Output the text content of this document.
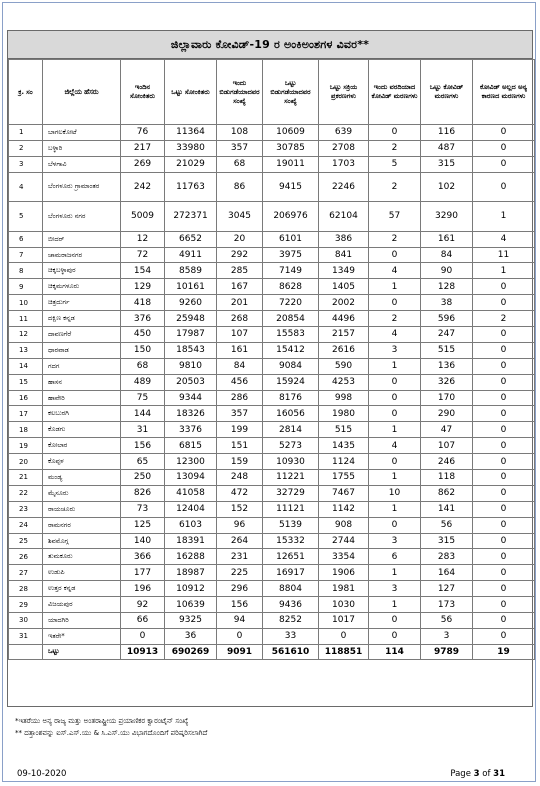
ಜಿಲ್ಲಾವಾರು ಕೋವಿಡ್-19 ರ ಅಂಕಿಅಂಶಗಳ ವಿವರ**
ಕ್ರ. ಸಂ	ಜಿಲ್ಲೆಯ ಹೆಸರು	ಇಂದಿನ ಸೋಂಕಿತರು	ಒಟ್ಟು ಸೋಂಕಿತರು	ಇಂದು ಬಿಡುಗಡೆಯಾದವರ ಸಂಖ್ಯೆ	ಒಟ್ಟು ಬಿಡುಗಡೆಯಾದವರ ಸಂಖ್ಯೆ	ಒಟ್ಟು ಸಕ್ರಿಯ ಪ್ರಕರಣಗಳು	ಇಂದು ವರದಿಯಾದ ಕೋವಿಡ್ ಮರಣಗಳು	ಒಟ್ಟು ಕೋವಿಡ್ ಮರಣಗಳು	ಕೋವಿಡ್ ಅಲ್ಲದ ಅನ್ಯ ಕಾರಣದ ಮರಣಗಳು
1	ಬಾಗಲಕೋಟೆ	76	11364	108	10609	639	0	116	0
2	ಬಳ್ಳಾರಿ	217	33980	357	30785	2708	2	487	0
3	ಬೆಳಗಾವಿ	269	21029	68	19011	1703	5	315	0
4	ಬೆಂಗಳೂರು ಗ್ರಾಮಾಂತರ	242	11763	86	9415	2246	2	102	0
5	ಬೆಂಗಳೂರು ನಗರ	5009	272371	3045	206976	62104	57	3290	1
6	ಬೀದರ್	12	6652	20	6101	386	2	161	4
7	ಚಾಮರಾಜನಗರ	72	4911	292	3975	841	0	84	11
8	ಚಿಕ್ಕಬಳ್ಳಾಪುರ	154	8589	285	7149	1349	4	90	1
9	ಚಿಕ್ಕಮಗಳೂರು	129	10161	167	8628	1405	1	128	0
10	ಚಿತ್ರದುರ್ಗ	418	9260	201	7220	2002	0	38	0
11	ದಕ್ಷಿಣ ಕನ್ನಡ	376	25948	268	20854	4496	2	596	2
12	ದಾವಣಗೆರೆ	450	17987	107	15583	2157	4	247	0
13	ಧಾರವಾಡ	150	18543	161	15412	2616	3	515	0
14	ಗದಗ	68	9810	84	9084	590	1	136	0
15	ಹಾಸನ	489	20503	456	15924	4253	0	326	0
16	ಹಾವೇರಿ	75	9344	286	8176	998	0	170	0
17	ಕಲಬುರಗಿ	144	18326	357	16056	1980	0	290	0
18	ಕೊಡಗು	31	3376	199	2814	515	1	47	0
19	ಕೋಲಾರ	156	6815	151	5273	1435	4	107	0
20	ಕೊಪ್ಪಳ	65	12300	159	10930	1124	0	246	0
21	ಮಂಡ್ಯ	250	13094	248	11221	1755	1	118	0
22	ಮೈಸೂರು	826	41058	472	32729	7467	10	862	0
23	ರಾಯಚೂರು	73	12404	152	11121	1142	1	141	0
24	ರಾಮನಗರ	125	6103	96	5139	908	0	56	0
25	ಶಿವಮೊಗ್ಗ	140	18391	264	15332	2744	3	315	0
26	ತುಮಕೂರು	366	16288	231	12651	3354	6	283	0
27	ಉಡುಪಿ	177	18987	225	16917	1906	1	164	0
28	ಉತ್ತರ ಕನ್ನಡ	196	10912	296	8804	1981	3	127	0
29	ವಿಜಯಪುರ	92	10639	156	9436	1030	1	173	0
30	ಯಾದಗಿರಿ	66	9325	94	8252	1017	0	56	0
31	ಇತರೇ*	0	36	0	33	0	0	3	0
	ಒಟ್ಟು	10913	690269	9091	561610	118851	114	9789	19
*ಇತರೆಯು ಅನ್ಯ ರಾಜ್ಯ ಮತ್ತು ಅಂತರಾಷ್ಟ್ರೀಯ ಪ್ರಯಾಣಿಕರ ಕ್ವಾರಂಟೈನ್ ಸಂಖ್ಯೆ
** ದತ್ತಾಂಶವನ್ನು ಐಸ್.ಎಸ್.ಯು & ಸಿ.ಎಸ್.ಯು ವಿಭಾಗದೊಂದಿಗೆ ಪರಿಷ್ಕರಿಸಲಾಗಿದೆ
09-10-2020	Page 3 of 31
